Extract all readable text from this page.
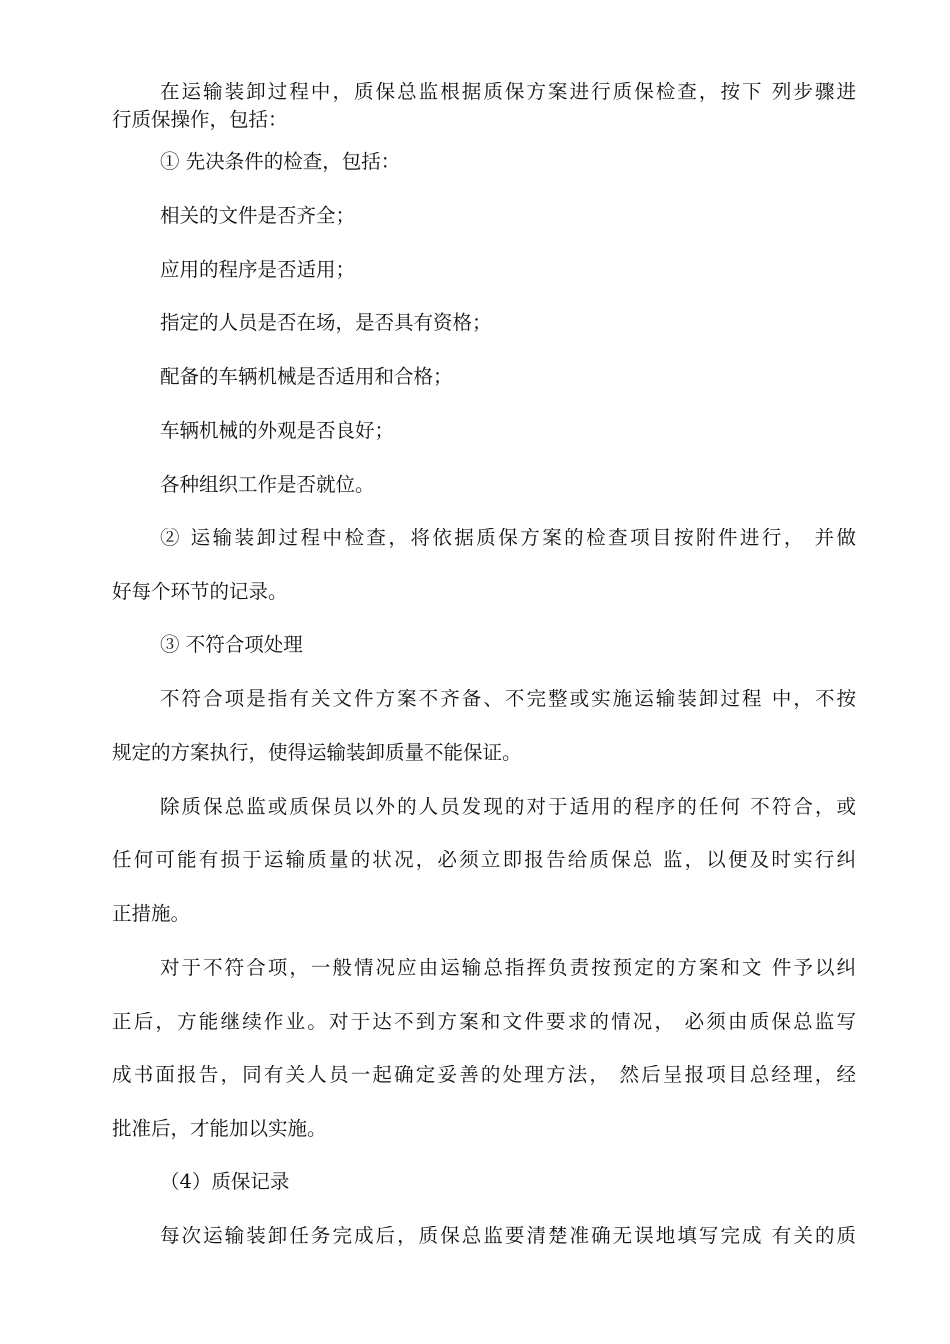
在运输装卸过程中，质保总监根据质保方案进行质保检查，按下 列步骤进
行质保操作，包括：
① 先决条件的检查，包括：
相关的文件是否齐全；
应用的程序是否适用；
指定的人员是否在场，是否具有资格；
配备的车辆机械是否适用和合格；
车辆机械的外观是否良好；
各种组织工作是否就位。
② 运输装卸过程中检查，将依据质保方案的检查项目按附件进行， 并做
好每个环节的记录。
③ 不符合项处理
不符合项是指有关文件方案不齐备、不完整或实施运输装卸过程 中，不按
规定的方案执行，使得运输装卸质量不能保证。
除质保总监或质保员以外的人员发现的对于适用的程序的任何 不符合，或
任何可能有损于运输质量的状况，必须立即报告给质保总 监，以便及时实行纠
正措施。
对于不符合项，一般情况应由运输总指挥负责按预定的方案和文 件予以纠
正后，方能继续作业。对于达不到方案和文件要求的情况， 必须由质保总监写
成书面报告，同有关人员一起确定妥善的处理方法， 然后呈报项目总经理，经
批准后，才能加以实施。
（4）质保记录
每次运输装卸任务完成后，质保总监要清楚准确无误地填写完成 有关的质
